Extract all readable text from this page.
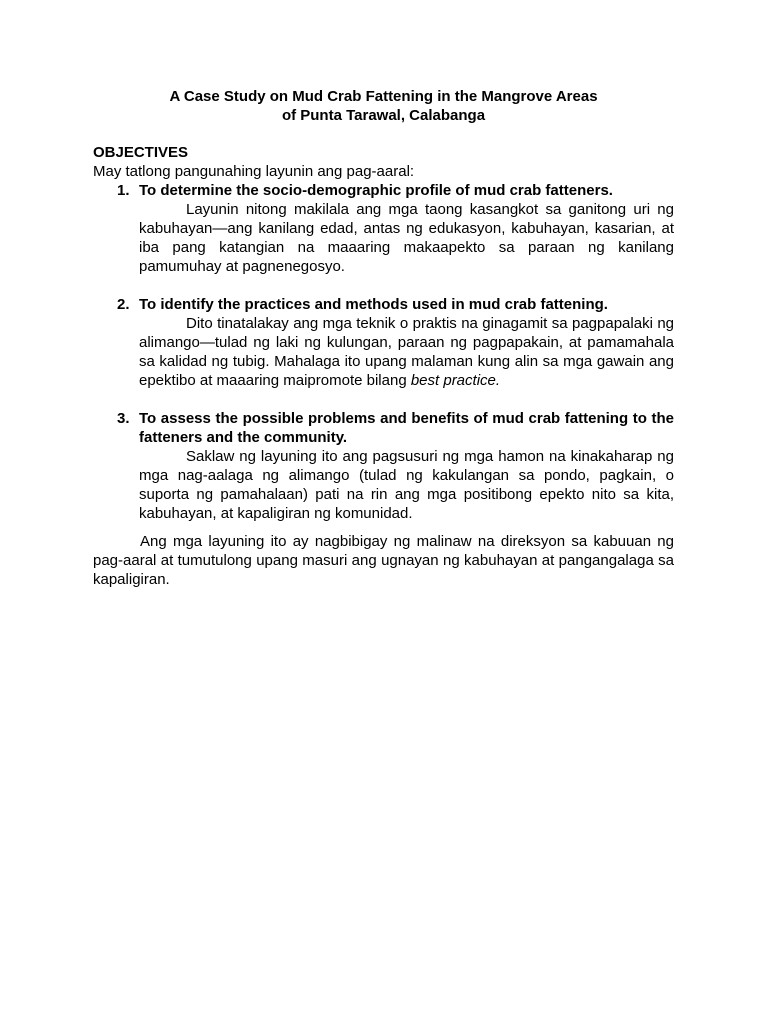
A Case Study on Mud Crab Fattening in the Mangrove Areas
of Punta Tarawal, Calabanga

OBJECTIVES

May tatlong pangunahing layunin ang pag-aaral:

1. To determine the socio-demographic profile of mud crab fatteners.
Layunin nitong makilala ang mga taong kasangkot sa ganitong uri ng kabuhayan—ang kanilang edad, antas ng edukasyon, kabuhayan, kasarian, at iba pang katangian na maaaring makaapekto sa paraan ng kanilang pamumuhay at pagnenegosyo.
2. To identify the practices and methods used in mud crab fattening.
Dito tinatalakay ang mga teknik o praktis na ginagamit sa pagpapalaki ng alimango—tulad ng laki ng kulungan, paraan ng pagpapakain, at pamamahala sa kalidad ng tubig. Mahalaga ito upang malaman kung alin sa mga gawain ang epektibo at maaaring maipromote bilang best practice.
3. To assess the possible problems and benefits of mud crab fattening to the fatteners and the community.
Saklaw ng layuning ito ang pagsusuri ng mga hamon na kinakaharap ng mga nag-aalaga ng alimango (tulad ng kakulangan sa pondo, pagkain, o suporta ng pamahalaan) pati na rin ang mga positibong epekto nito sa kita, kabuhayan, at kapaligiran ng komunidad.

Ang mga layuning ito ay nagbibigay ng malinaw na direksyon sa kabuuan ng pag-aaral at tumutulong upang masuri ang ugnayan ng kabuhayan at pangangalaga sa kapaligiran.
